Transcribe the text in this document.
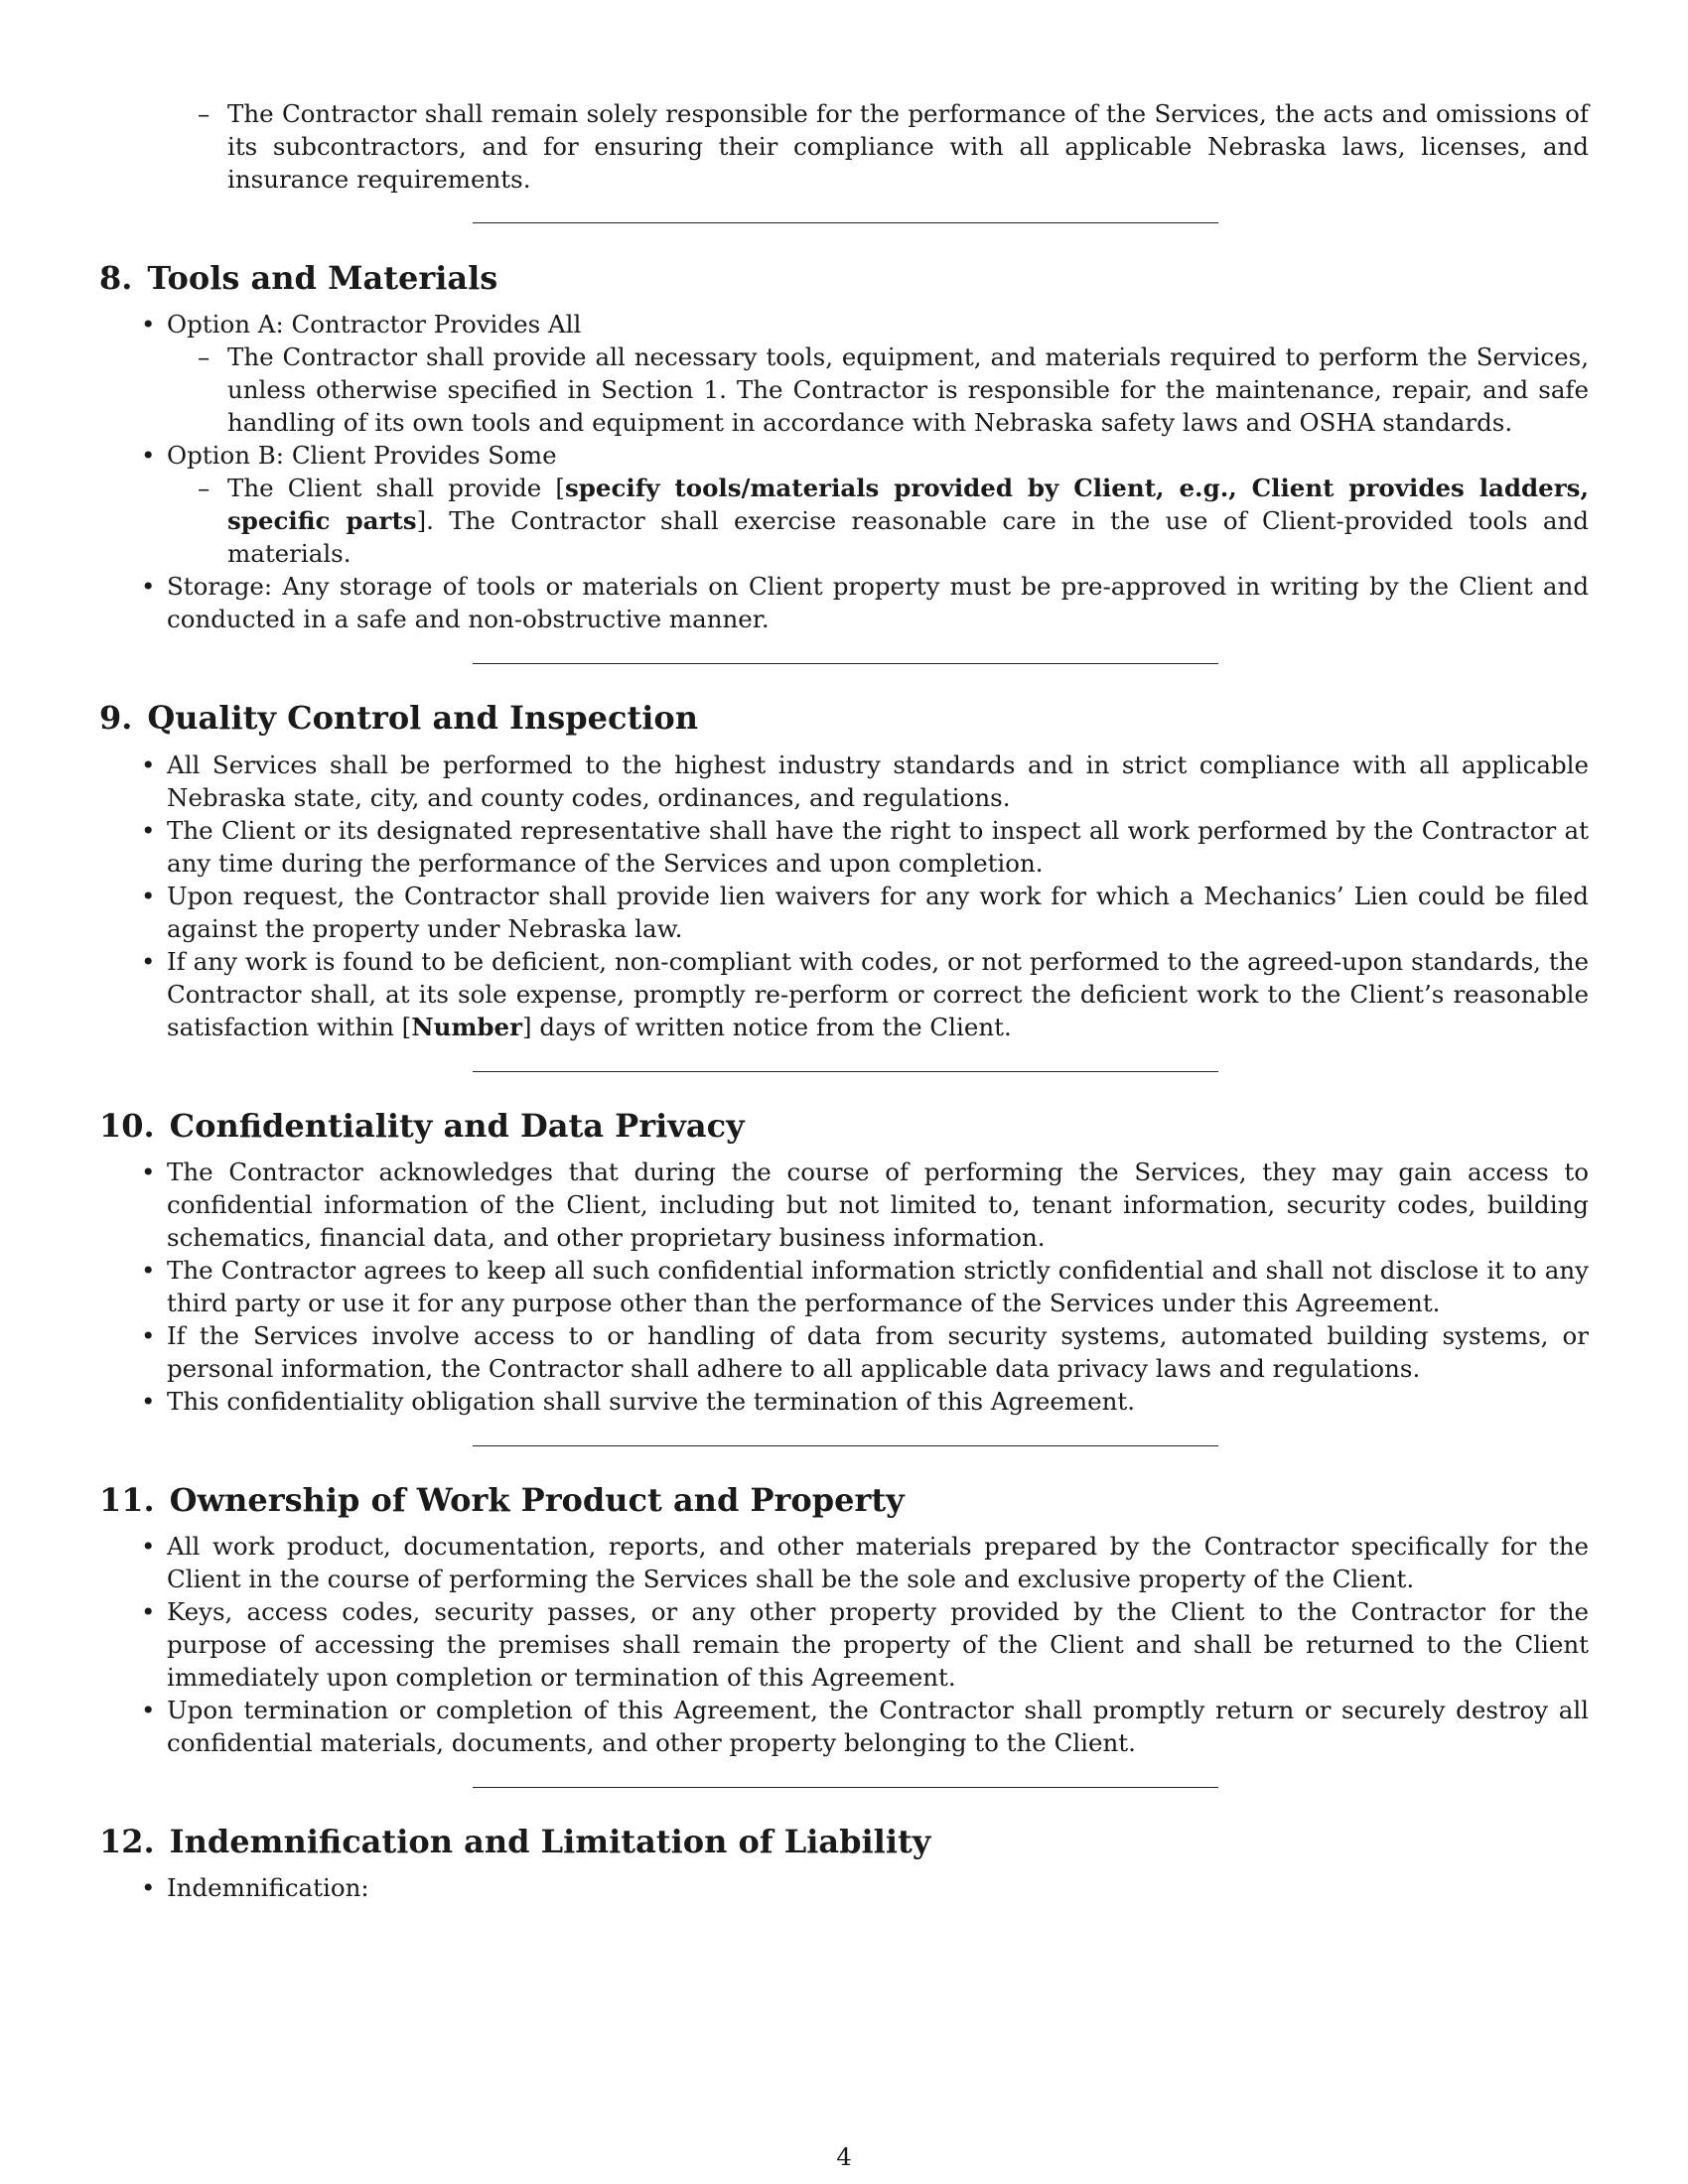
– The Contractor shall remain solely responsible for the performance of the Services, the acts and omissions of its subcontractors, and for ensuring their compliance with all applicable Nebraska laws, licenses, and insurance requirements.
8. Tools and Materials
• Option A: Contractor Provides All
– The Contractor shall provide all necessary tools, equipment, and materials required to perform the Services, unless otherwise specified in Section 1. The Contractor is responsible for the maintenance, repair, and safe handling of its own tools and equipment in accordance with Nebraska safety laws and OSHA standards.
• Option B: Client Provides Some
– The Client shall provide [specify tools/materials provided by Client, e.g., Client provides ladders, specific parts]. The Contractor shall exercise reasonable care in the use of Client-provided tools and materials.
• Storage: Any storage of tools or materials on Client property must be pre-approved in writing by the Client and conducted in a safe and non-obstructive manner.
9. Quality Control and Inspection
• All Services shall be performed to the highest industry standards and in strict compliance with all applicable Nebraska state, city, and county codes, ordinances, and regulations.
• The Client or its designated representative shall have the right to inspect all work performed by the Contractor at any time during the performance of the Services and upon completion.
• Upon request, the Contractor shall provide lien waivers for any work for which a Mechanics’ Lien could be filed against the property under Nebraska law.
• If any work is found to be deficient, non-compliant with codes, or not performed to the agreed-upon standards, the Contractor shall, at its sole expense, promptly re-perform or correct the deficient work to the Client’s reasonable satisfaction within [Number] days of written notice from the Client.
10. Confidentiality and Data Privacy
• The Contractor acknowledges that during the course of performing the Services, they may gain access to confidential information of the Client, including but not limited to, tenant information, security codes, building schematics, financial data, and other proprietary business information.
• The Contractor agrees to keep all such confidential information strictly confidential and shall not disclose it to any third party or use it for any purpose other than the performance of the Services under this Agreement.
• If the Services involve access to or handling of data from security systems, automated building systems, or personal information, the Contractor shall adhere to all applicable data privacy laws and regulations.
• This confidentiality obligation shall survive the termination of this Agreement.
11. Ownership of Work Product and Property
• All work product, documentation, reports, and other materials prepared by the Contractor specifically for the Client in the course of performing the Services shall be the sole and exclusive property of the Client.
• Keys, access codes, security passes, or any other property provided by the Client to the Contractor for the purpose of accessing the premises shall remain the property of the Client and shall be returned to the Client immediately upon completion or termination of this Agreement.
• Upon termination or completion of this Agreement, the Contractor shall promptly return or securely destroy all confidential materials, documents, and other property belonging to the Client.
12. Indemnification and Limitation of Liability
• Indemnification:
4
